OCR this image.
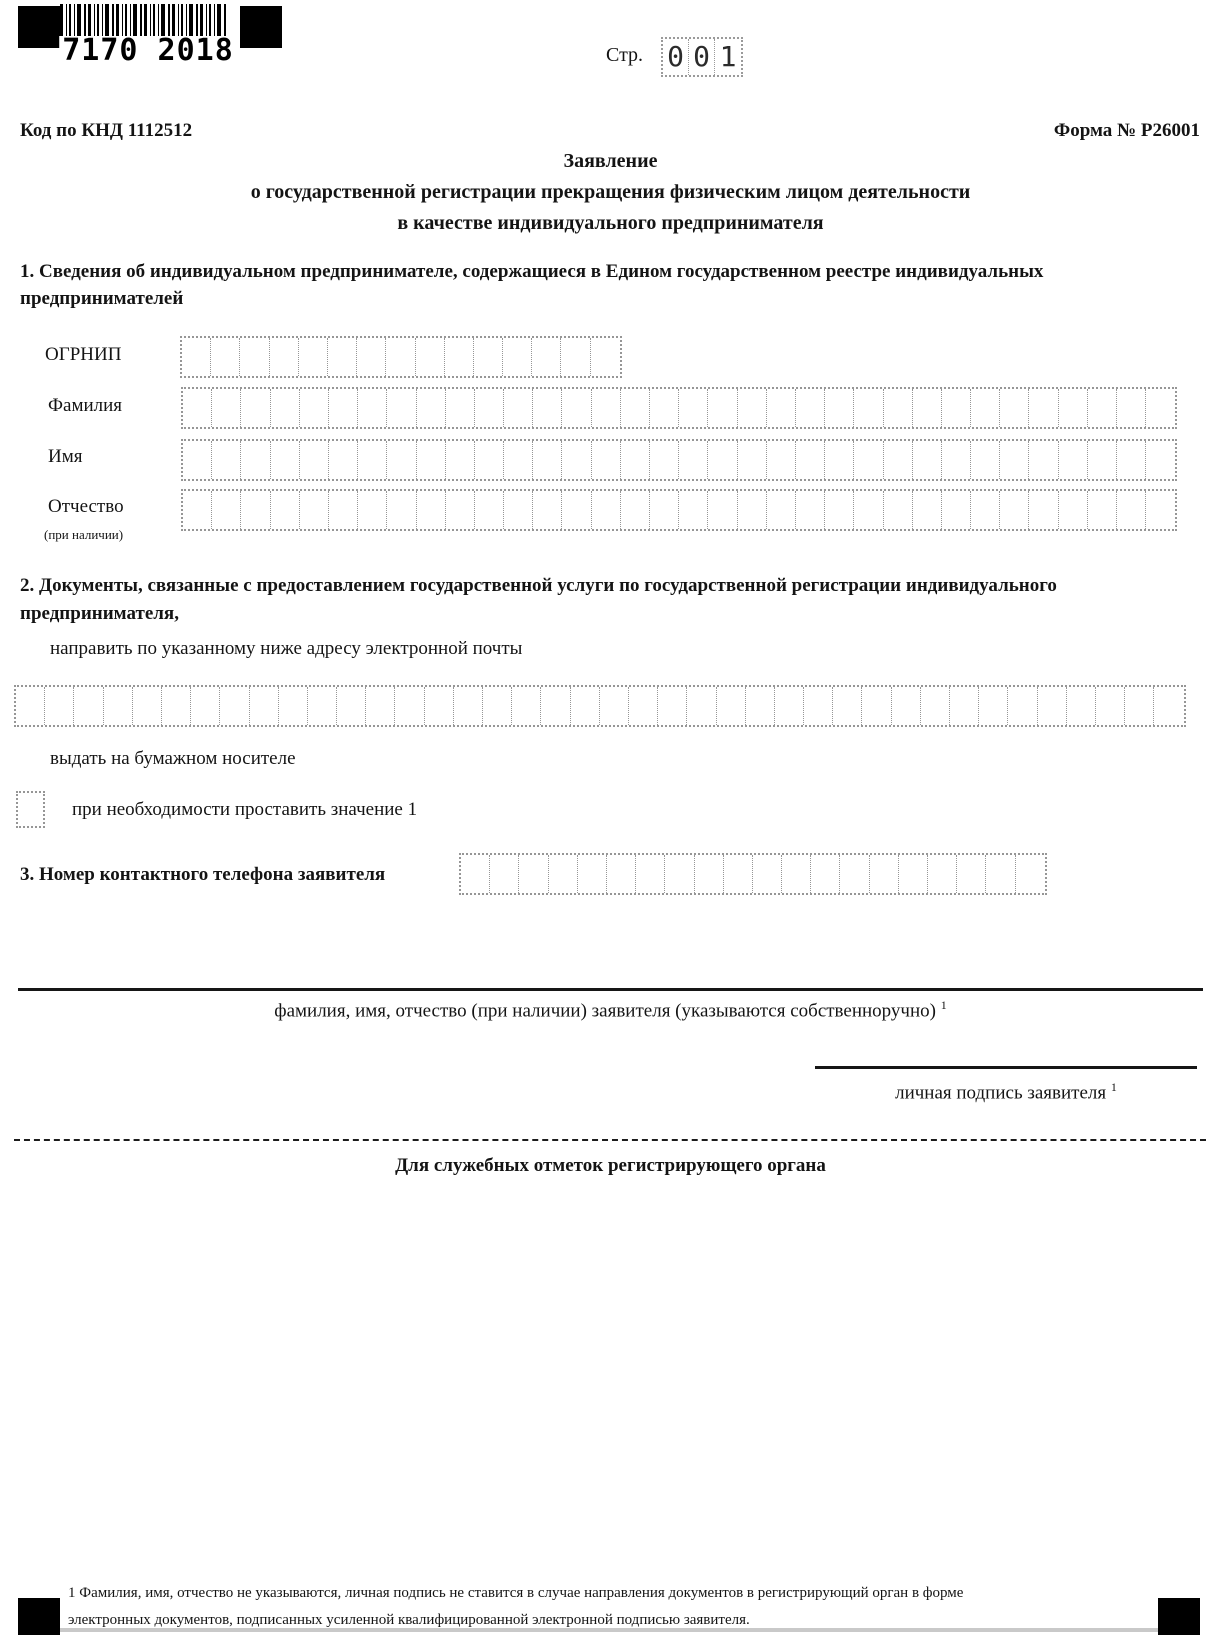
7170 2018	Стр. 0 0 1
Код по КНД 1112512	Форма № Р26001
Заявление
о государственной регистрации прекращения физическим лицом деятельности
в качестве индивидуального предпринимателя
1. Сведения об индивидуальном предпринимателе, содержащиеся в Едином государственном реестре индивидуальных предпринимателей
ОГРНИП
Фамилия
Имя
Отчество
(при наличии)
2. Документы, связанные с предоставлением государственной услуги по государственной регистрации индивидуального предпринимателя,
направить по указанному ниже адресу электронной почты
выдать на бумажном носителе
при необходимости проставить значение 1
3. Номер контактного телефона заявителя
фамилия, имя, отчество (при наличии) заявителя (указываются собственноручно) $^1$
личная подпись заявителя $^1$
Для служебных отметок регистрирующего органа
1 Фамилия, имя, отчество не указываются, личная подпись не ставится в случае направления документов в регистрирующий орган в форме
электронных документов, подписанных усиленной квалифицированной электронной подписью заявителя.
